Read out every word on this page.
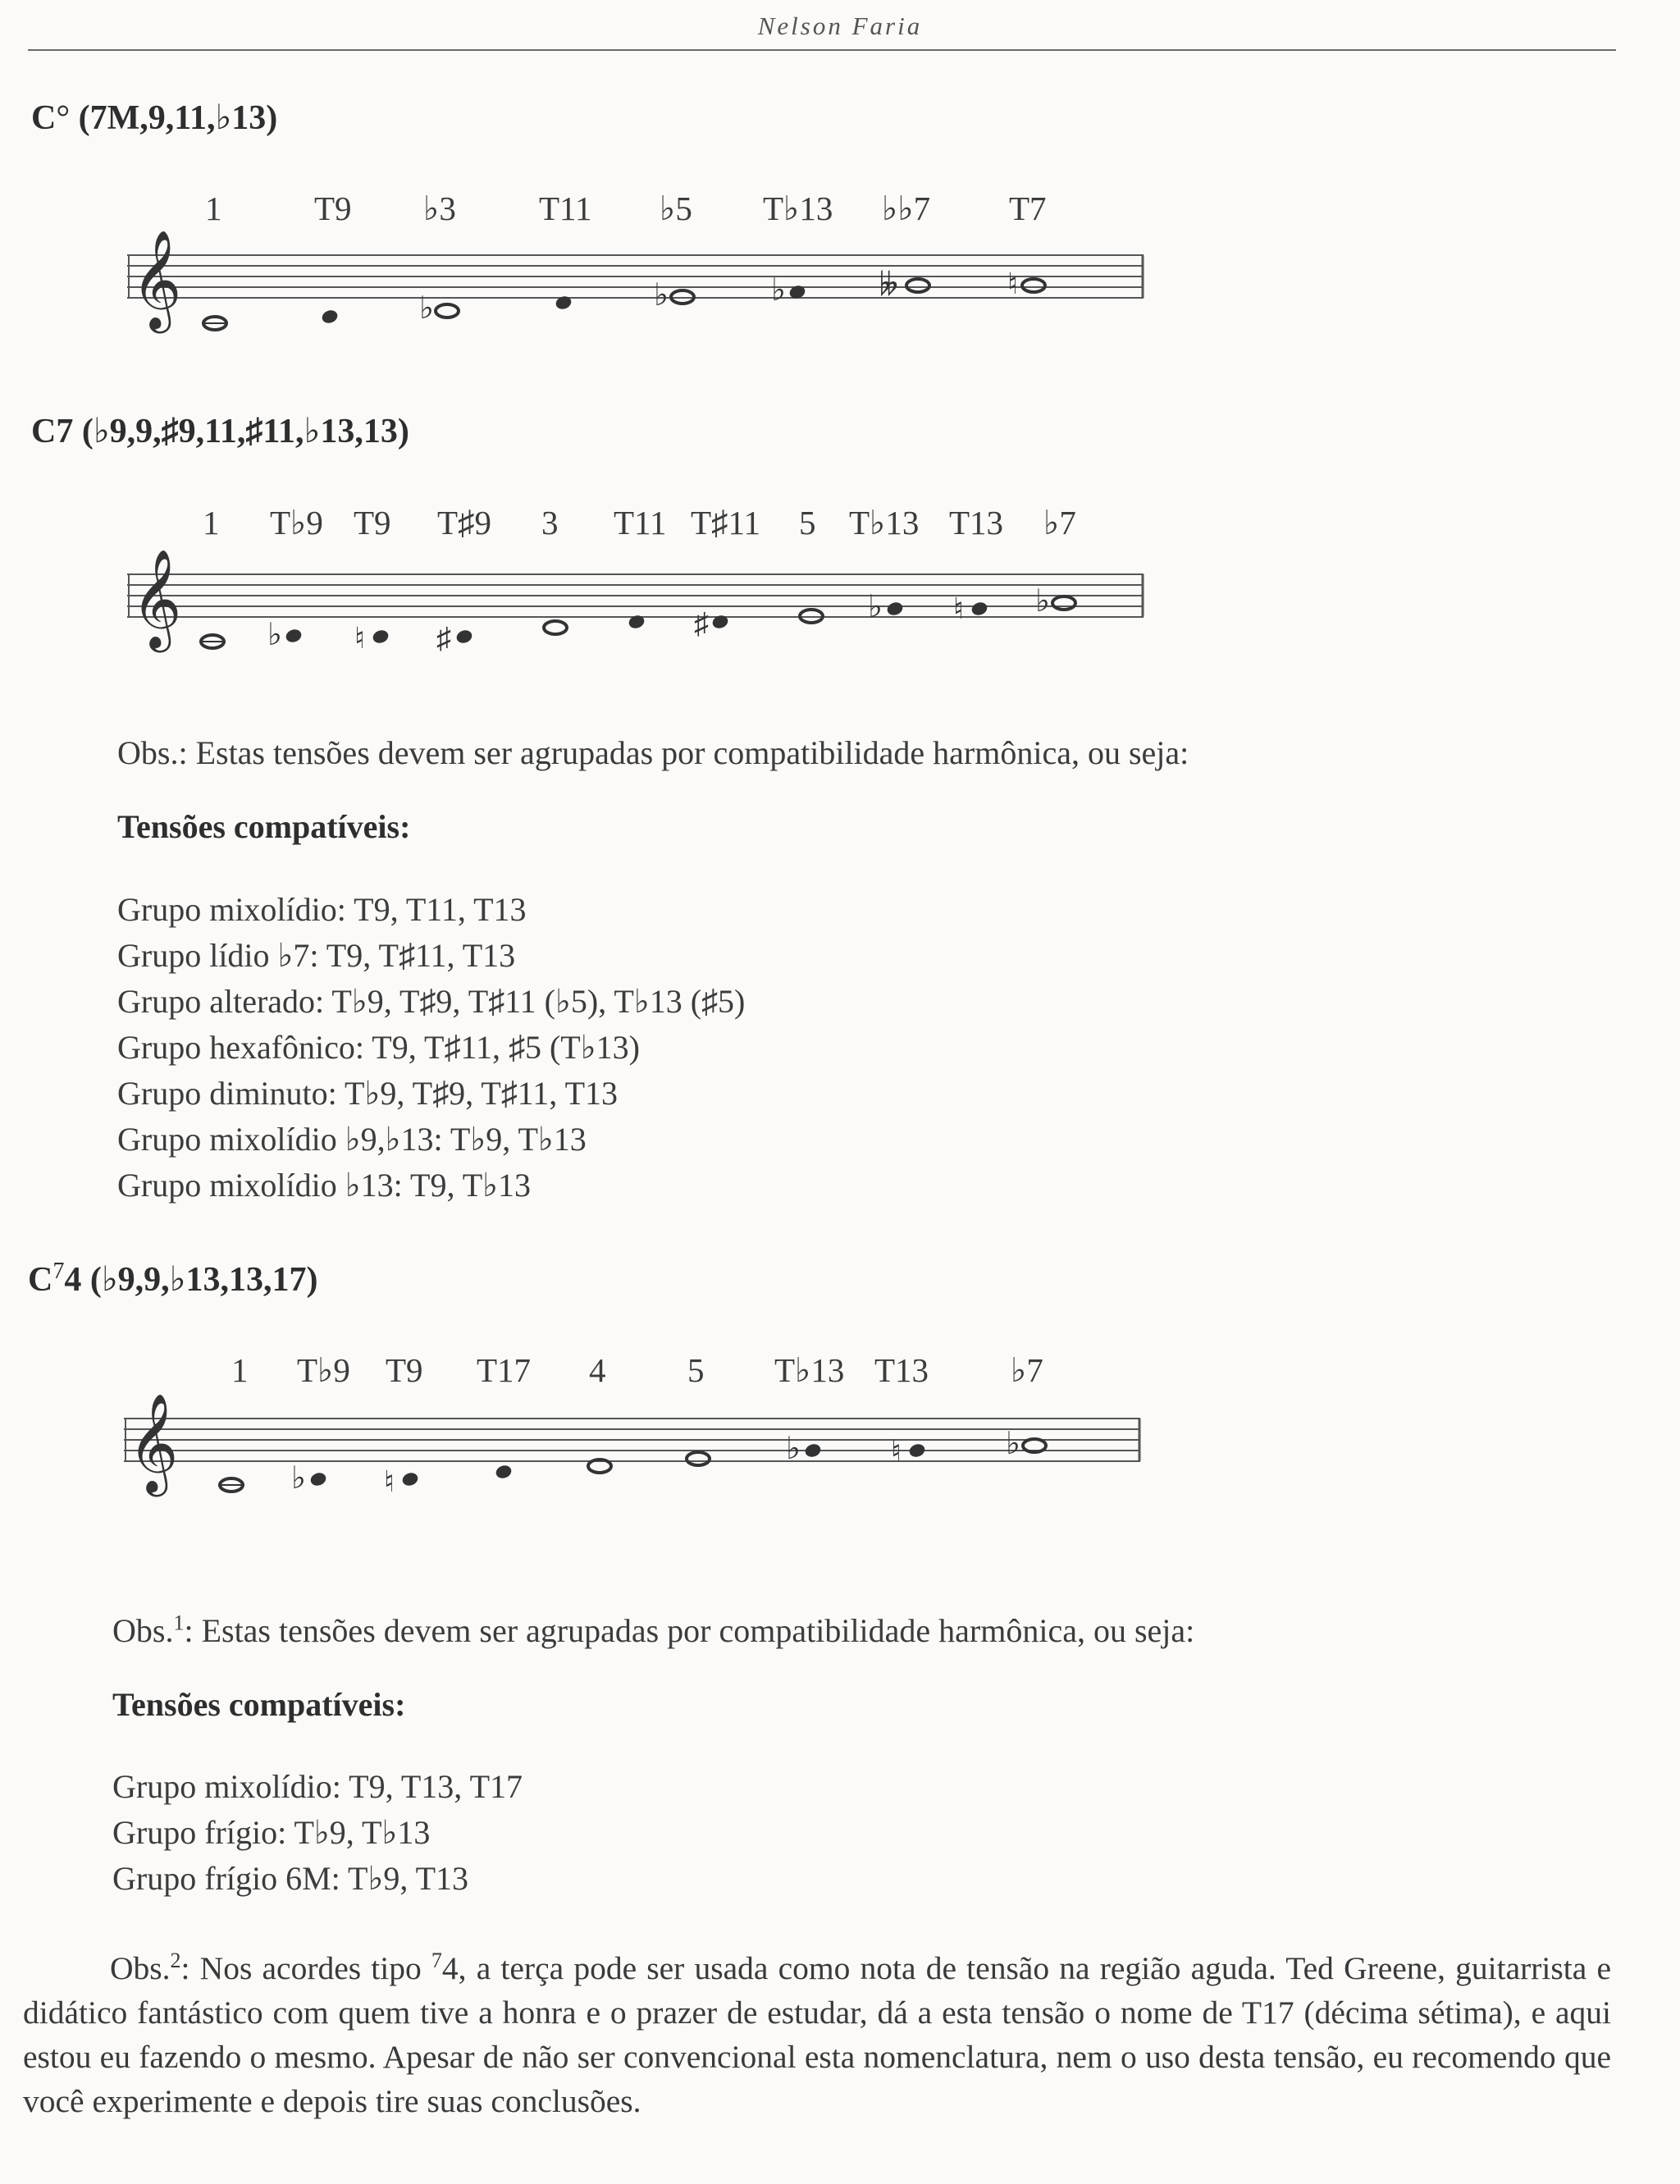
Nelson Faria
C° (7M,9,11,♭13)
1	T9 ♭3 T11 ♭5 T♭13 ♭♭7 T7
𝄞	♭	♭	♭	𝄫	♮
C7 (♭9,9,♯9,11,♯11,♭13,13)
1 T♭9 T9 T♯9 3 T11 T♯11 5 T♭13 T13 ♭7
𝄞	♭ ♮ ♯	♯	♭ ♮ ♭
Obs.: Estas tensões devem ser agrupadas por compatibilidade harmônica, ou seja:
Tensões compatíveis:
Grupo mixolídio: T9, T11, T13
Grupo lídio ♭7: T9, T♯11, T13
Grupo alterado: T♭9, T♯9, T♯11 (♭5), T♭13 (♯5)
Grupo hexafônico: T9, T♯11, ♯5 (T♭13)
Grupo diminuto: T♭9, T♯9, T♯11, T13
Grupo mixolídio ♭9,♭13: T♭9, T♭13
Grupo mixolídio ♭13: T9, T♭13
$C^74$ (♭9,9,♭13,13,17)
1 T♭9 T9 T17 4 5 T♭13 T13 ♭7
𝄞	♭	♮
♭	♮	♭
Obs.$^1$: Estas tensões devem ser agrupadas por compatibilidade harmônica, ou seja:
Tensões compatíveis:
Grupo mixolídio: T9, T13, T17
Grupo frígio: T♭9, T♭13
Grupo frígio 6M: T♭9, T13
Obs.$^2$: Nos acordes tipo $^7$4, a terça pode ser usada como nota de tensão na região aguda. Ted Greene, guitarrista e didático fantástico com quem tive a honra e o prazer de estudar, dá a esta tensão o nome de T17 (décima sétima), e aqui estou eu fazendo o mesmo. Apesar de não ser convencional esta nomenclatura, nem o uso desta tensão, eu recomendo que você experimente e depois tire suas conclusões.
